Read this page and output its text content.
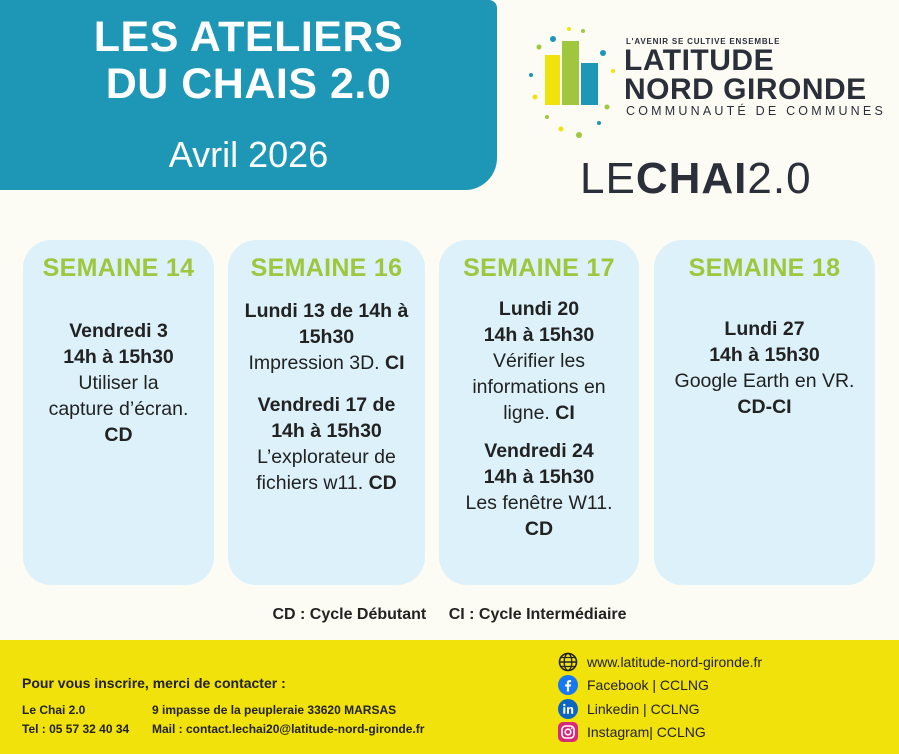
LES ATELIERS
DU CHAIS 2.0
Avril 2026
L'AVENIR SE CULTIVE ENSEMBLE
LATITUDE
NORD GIRONDE
COMMUNAUTÉ DE COMMUNES
LECHAI2.0
SEMAINE 14
Vendredi 3
14h à 15h30
Utiliser la
capture d’écran.
CD
SEMAINE 16
Lundi 13 de 14h à
15h30
Impression 3D. CI
Vendredi 17 de
14h à 15h30
L’explorateur de
fichiers w11. CD
SEMAINE 17
Lundi 20
14h à 15h30
Vérifier les
informations en
ligne. CI
Vendredi 24
14h à 15h30
Les fenêtre W11.
CD
SEMAINE 18
Lundi 27
14h à 15h30
Google Earth en VR.
CD-CI
CD : Cycle Débutant CI : Cycle Intermédiaire
Pour vous inscrire, merci de contacter :
Le Chai 2.0	9 impasse de la peupleraie 33620 MARSAS
Tel : 05 57 32 40 34 Mail : contact.lechai20@latitude-nord-gironde.fr
www.latitude-nord-gironde.fr
Facebook | CCLNG
Linkedin | CCLNG
Instagram| CCLNG
